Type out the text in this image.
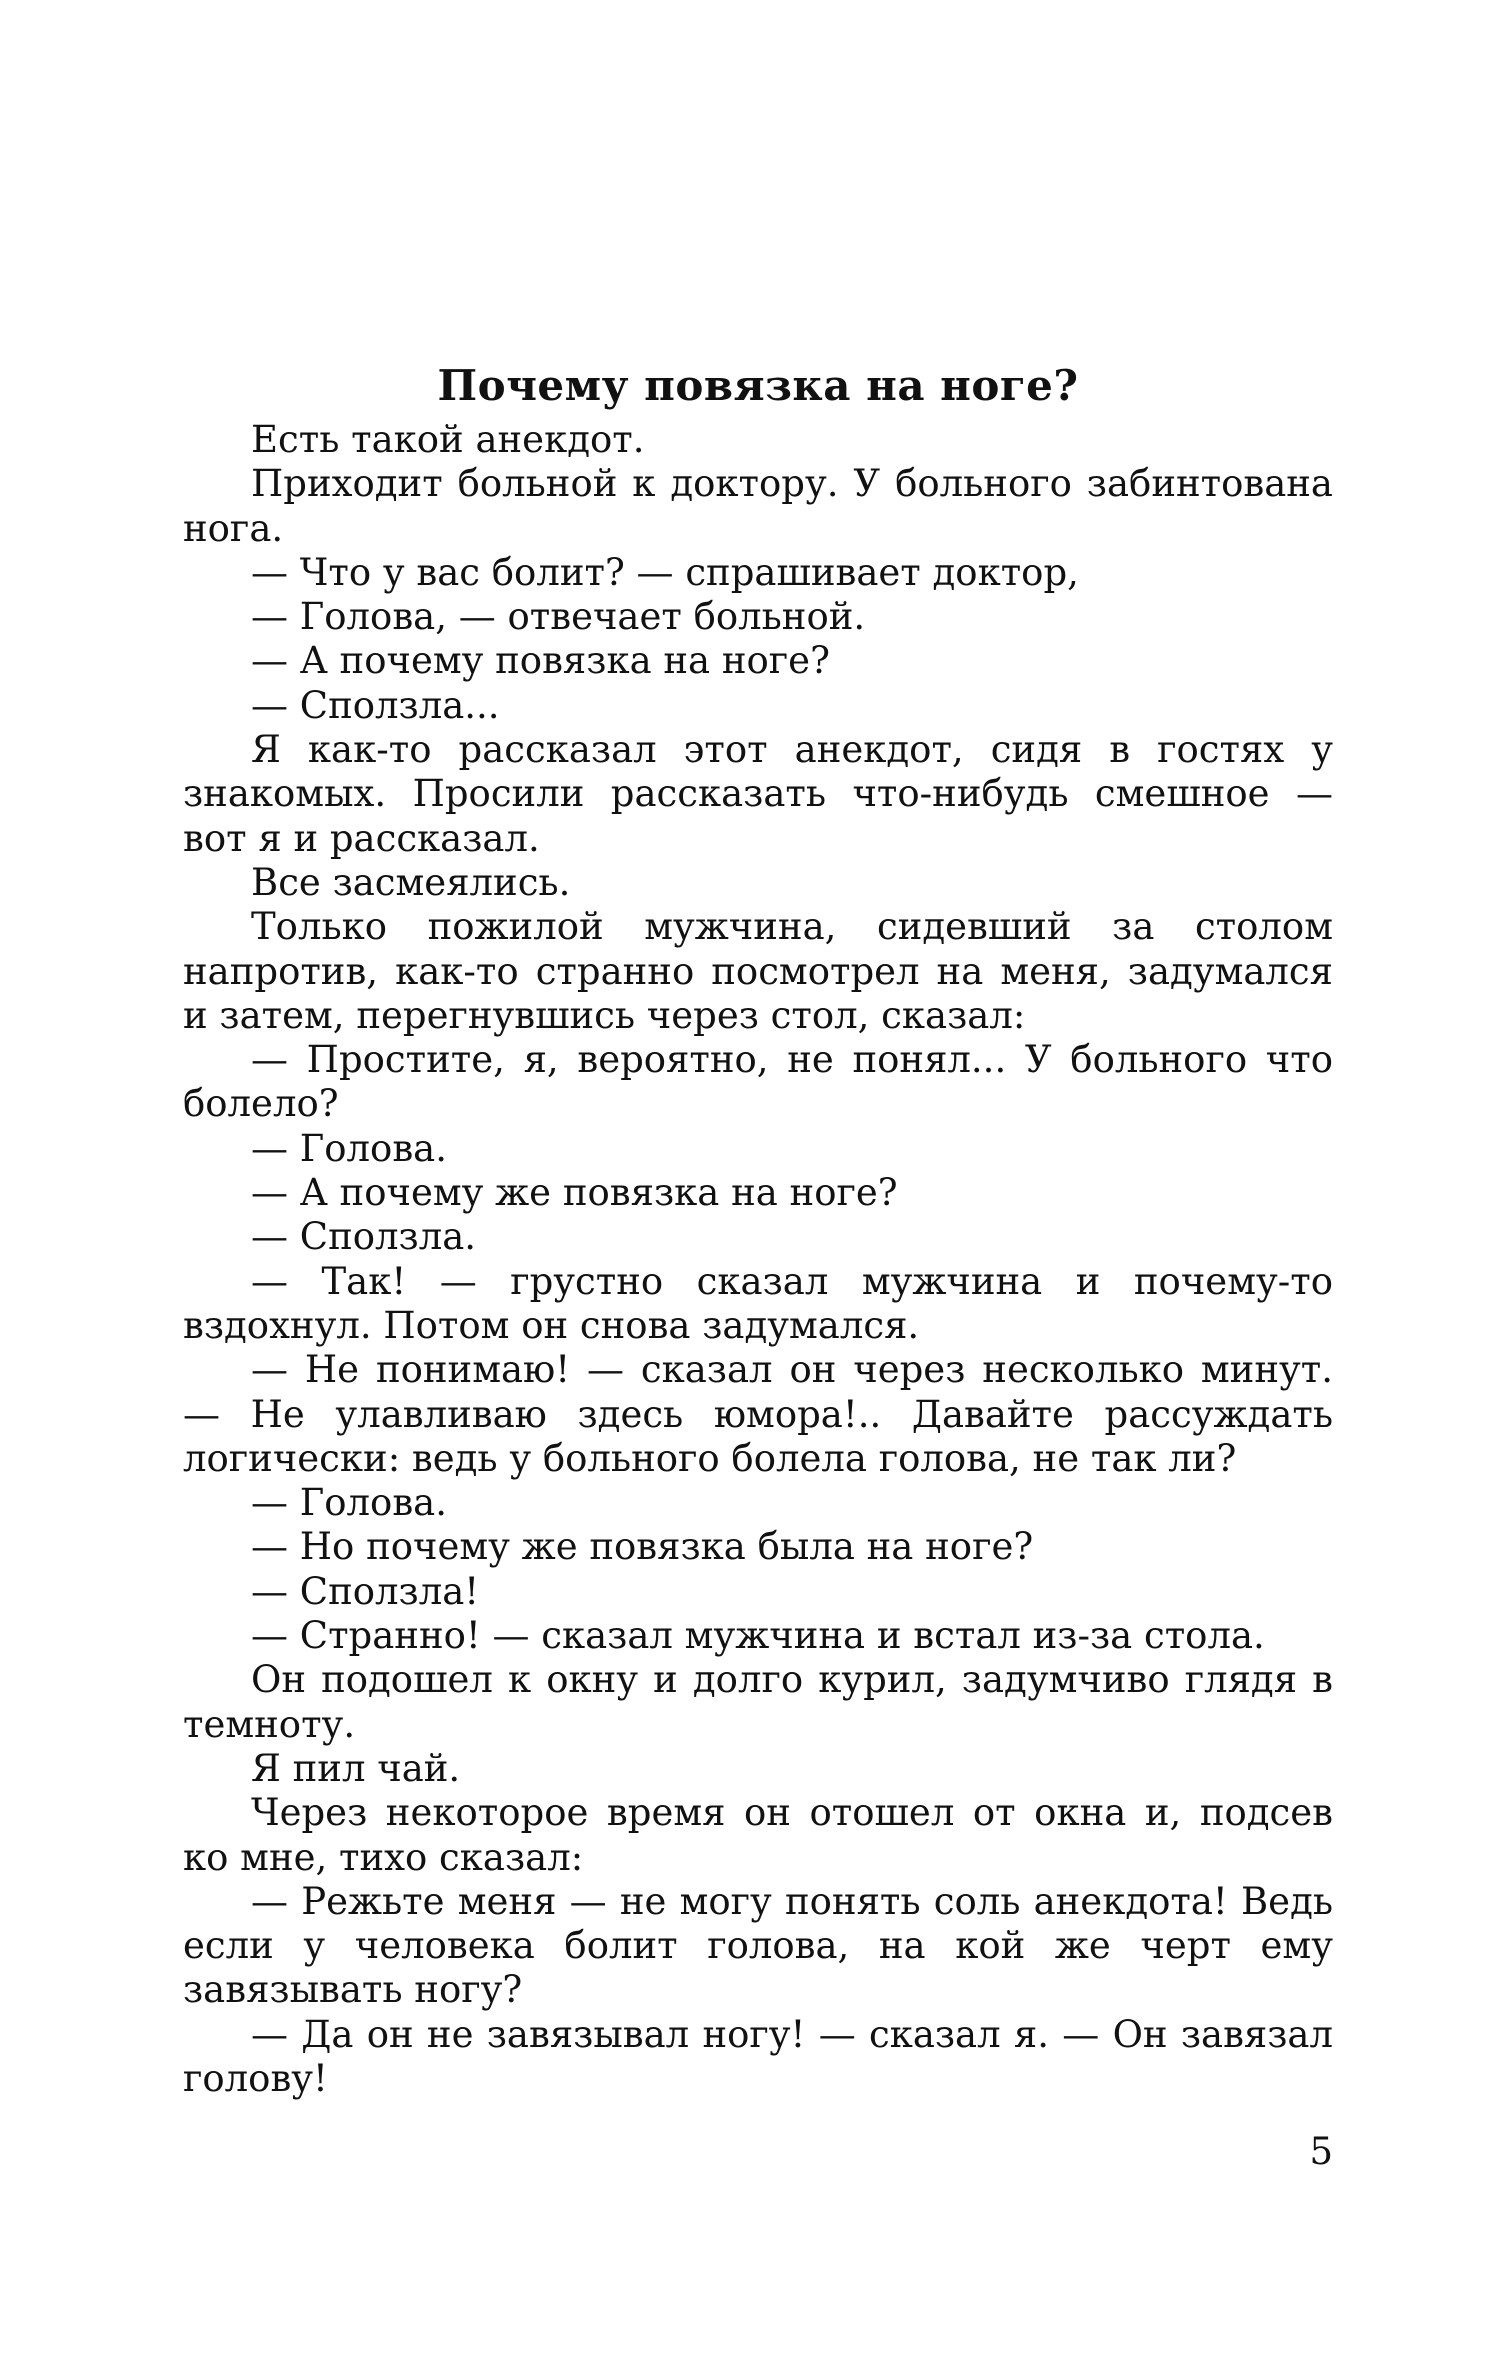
Почему повязка на ноге?

Есть такой анекдот.

Приходит больной к доктору. У больного забинтована нога.

— Что у вас болит? — спрашивает доктор,

— Голова, — отвечает больной.

— А почему повязка на ноге?

— Сползла...

Я как-то рассказал этот анекдот, сидя в гостях у знакомых. Просили рассказать что-нибудь смешное — вот я и рассказал.

Все засмеялись.

Только пожилой мужчина, сидевший за столом напротив, как-то странно посмотрел на меня, задумался и затем, перегнувшись через стол, сказал:

— Простите, я, вероятно, не понял... У больного что болело?

— Голова.

— А почему же повязка на ноге?

— Сползла.

— Так! — грустно сказал мужчина и почему-то вздохнул. Потом он снова задумался.

— Не понимаю! — сказал он через несколько минут. — Не улавливаю здесь юмора!.. Давайте рассуждать логически: ведь у больного болела голова, не так ли?

— Голова.

— Но почему же повязка была на ноге?

— Сползла!

— Странно! — сказал мужчина и встал из-за стола.

Он подошел к окну и долго курил, задумчиво глядя в темноту.

Я пил чай.

Через некоторое время он отошел от окна и, подсев ко мне, тихо сказал:

— Режьте меня — не могу понять соль анекдота! Ведь если у человека болит голова, на кой же черт ему завязывать ногу?

— Да он не завязывал ногу! — сказал я. — Он завязал голову!

5
